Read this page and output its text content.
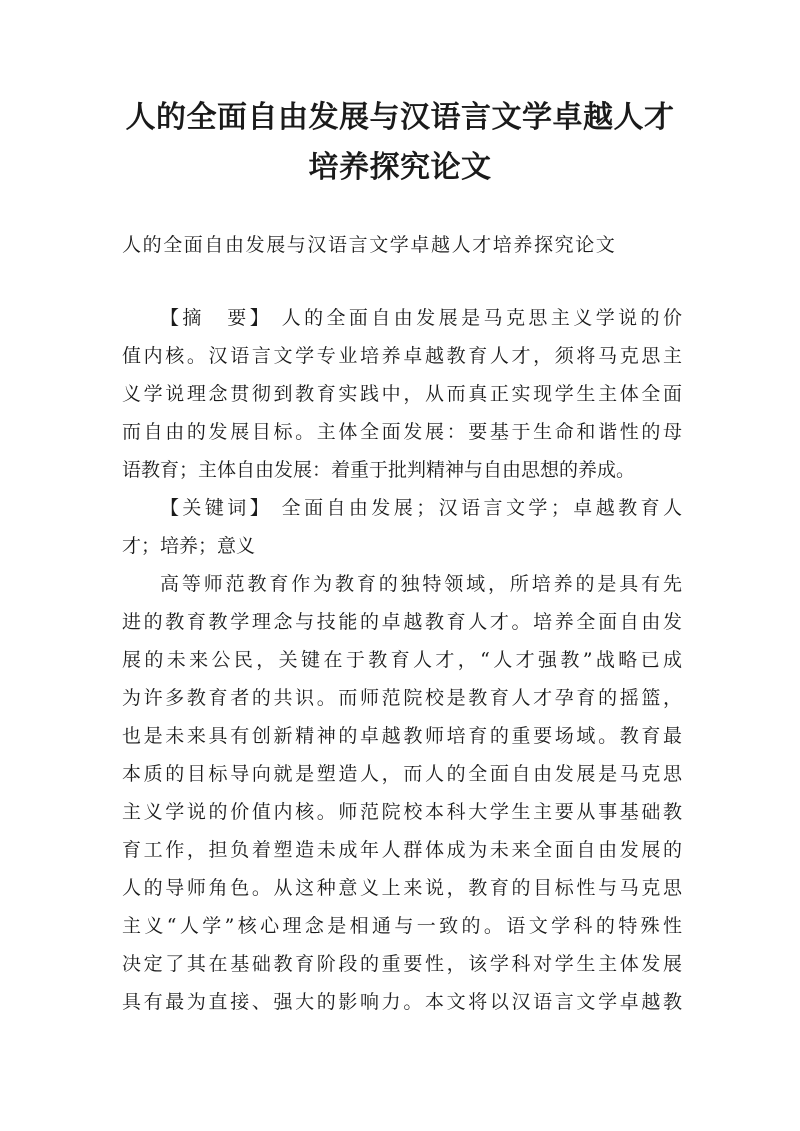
人的全面自由发展与汉语言文学卓越人才
培养探究论文
人的全面自由发展与汉语言文学卓越人才培养探究论文
【摘　要】 人的全面自由发展是马克思主义学说的价
值内核。汉语言文学专业培养卓越教育人才，须将马克思主
义学说理念贯彻到教育实践中，从而真正实现学生主体全面
而自由的发展目标。主体全面发展：要基于生命和谐性的母
语教育；主体自由发展：着重于批判精神与自由思想的养成。
【关键词】 全面自由发展；汉语言文学；卓越教育人
才；培养；意义
高等师范教育作为教育的独特领域，所培养的是具有先
进的教育教学理念与技能的卓越教育人才。培养全面自由发
展的未来公民，关键在于教育人才，“人才强教”战略已成
为许多教育者的共识。而师范院校是教育人才孕育的摇篮，
也是未来具有创新精神的卓越教师培育的重要场域。教育最
本质的目标导向就是塑造人，而人的全面自由发展是马克思
主义学说的价值内核。师范院校本科大学生主要从事基础教
育工作，担负着塑造未成年人群体成为未来全面自由发展的
人的导师角色。从这种意义上来说，教育的目标性与马克思
主义“人学”核心理念是相通与一致的。语文学科的特殊性
决定了其在基础教育阶段的重要性，该学科对学生主体发展
具有最为直接、强大的影响力。本文将以汉语言文学卓越教
